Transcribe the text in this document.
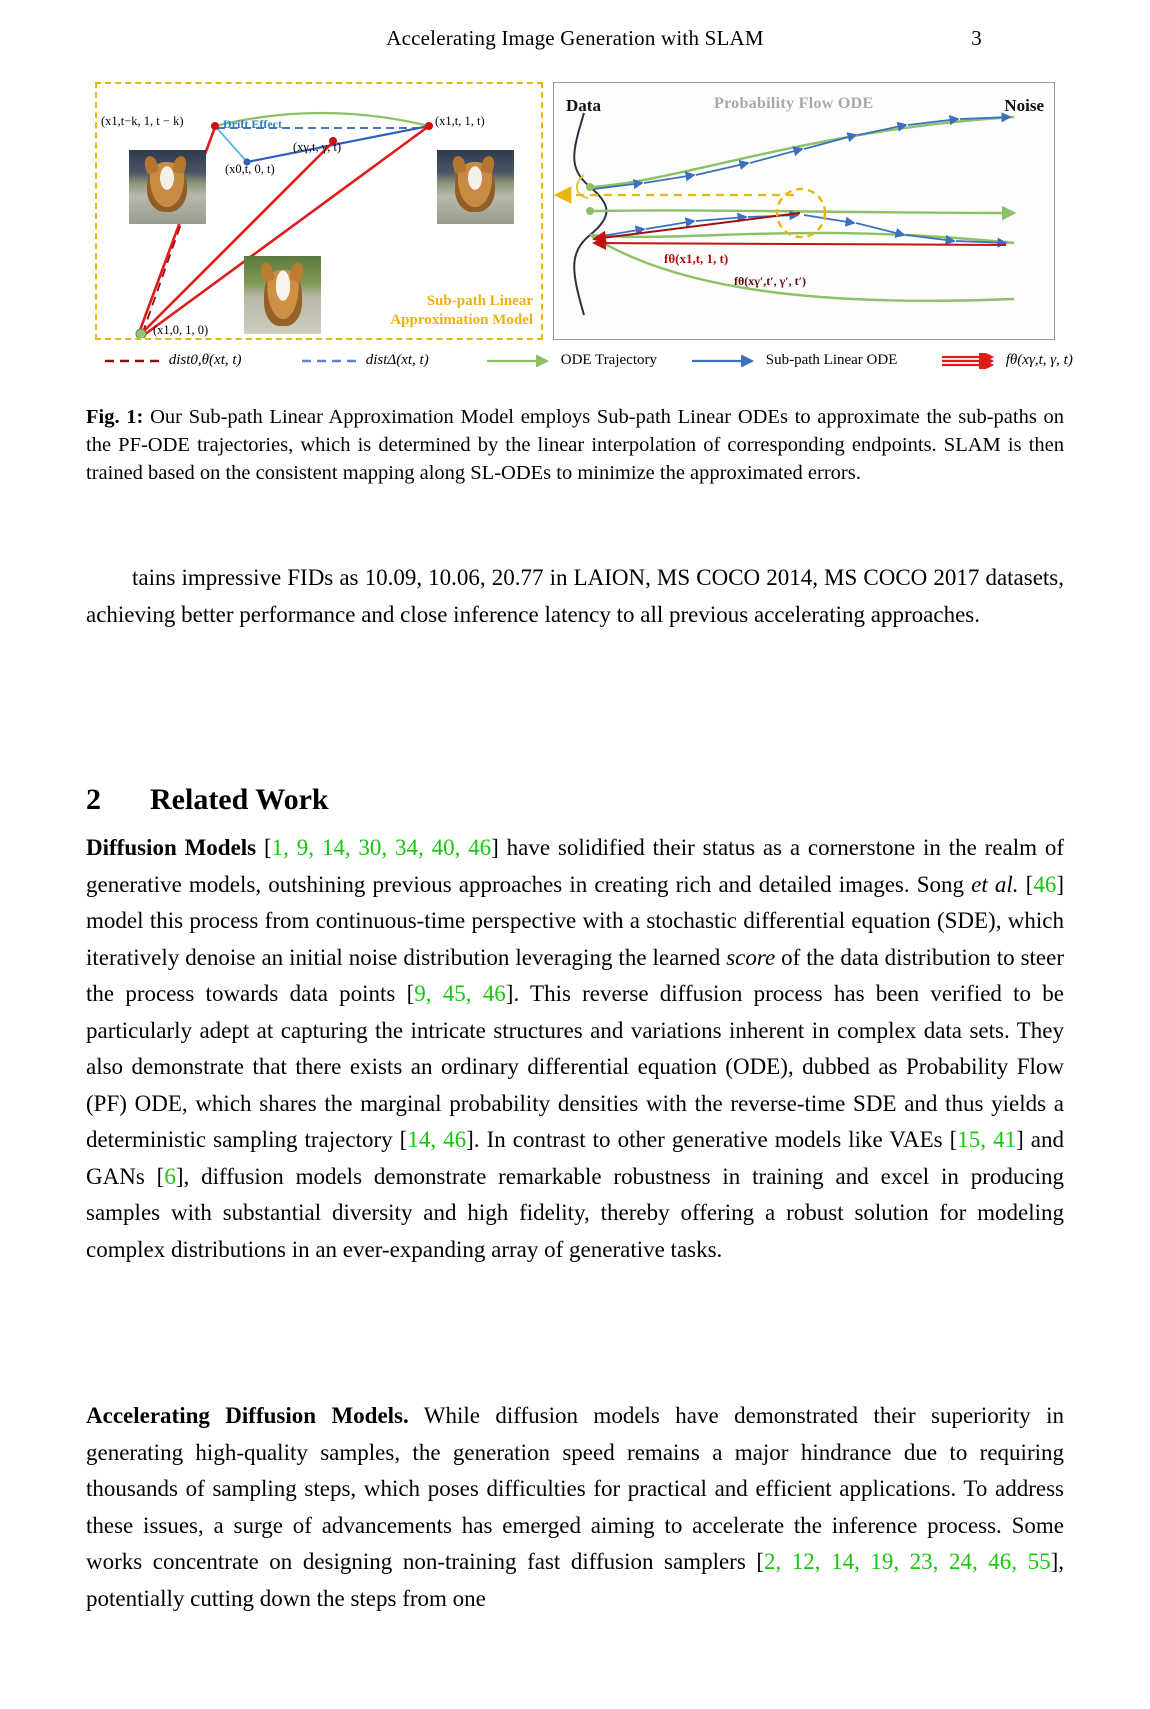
Accelerating Image Generation with SLAM	3
(x1,t−k, 1, t − k)	Drift Effect
(x0,t, 0, t)
(xγ,t, γ, t)
(x1,t, 1, t)
(x1,0, 1, 0)
Sub-path Linear
Approximation Model
Data	Probability Flow ODE	Noise
fθ(x1,t, 1, t)
fθ(xγ′,t′, γ′, t′)
dist0,θ(xt, t)	distΔ(xt, t)	ODE Trajectory	Sub-path Linear ODE	fθ(xγ,t, γ, t)
Fig. 1: Our Sub-path Linear Approximation Model employs Sub-path Linear ODEs to approximate the sub-paths on the PF-ODE trajectories, which is determined by the linear interpolation of corresponding endpoints. SLAM is then trained based on the consistent mapping along SL-ODEs to minimize the approximated errors.
tains impressive FIDs as 10.09, 10.06, 20.77 in LAION, MS COCO 2014, MS COCO 2017 datasets, achieving better performance and close inference latency to all previous accelerating approaches.
2 Related Work
Diffusion Models [1, 9, 14, 30, 34, 40, 46] have solidified their status as a cornerstone in the realm of generative models, outshining previous approaches in creating rich and detailed images. Song et al. [46] model this process from continuous-time perspective with a stochastic differential equation (SDE), which iteratively denoise an initial noise distribution leveraging the learned score of the data distribution to steer the process towards data points [9, 45, 46]. This reverse diffusion process has been verified to be particularly adept at capturing the intricate structures and variations inherent in complex data sets. They also demonstrate that there exists an ordinary differential equation (ODE), dubbed as Probability Flow (PF) ODE, which shares the marginal probability densities with the reverse-time SDE and thus yields a deterministic sampling trajectory [14, 46]. In contrast to other generative models like VAEs [15, 41] and GANs [6], diffusion models demonstrate remarkable robustness in training and excel in producing samples with substantial diversity and high fidelity, thereby offering a robust solution for modeling complex distributions in an ever-expanding array of generative tasks.
Accelerating Diffusion Models. While diffusion models have demonstrated their superiority in generating high-quality samples, the generation speed remains a major hindrance due to requiring thousands of sampling steps, which poses difficulties for practical and efficient applications. To address these issues, a surge of advancements has emerged aiming to accelerate the inference process. Some works concentrate on designing non-training fast diffusion samplers [2, 12, 14, 19, 23, 24, 46, 55], potentially cutting down the steps from one
